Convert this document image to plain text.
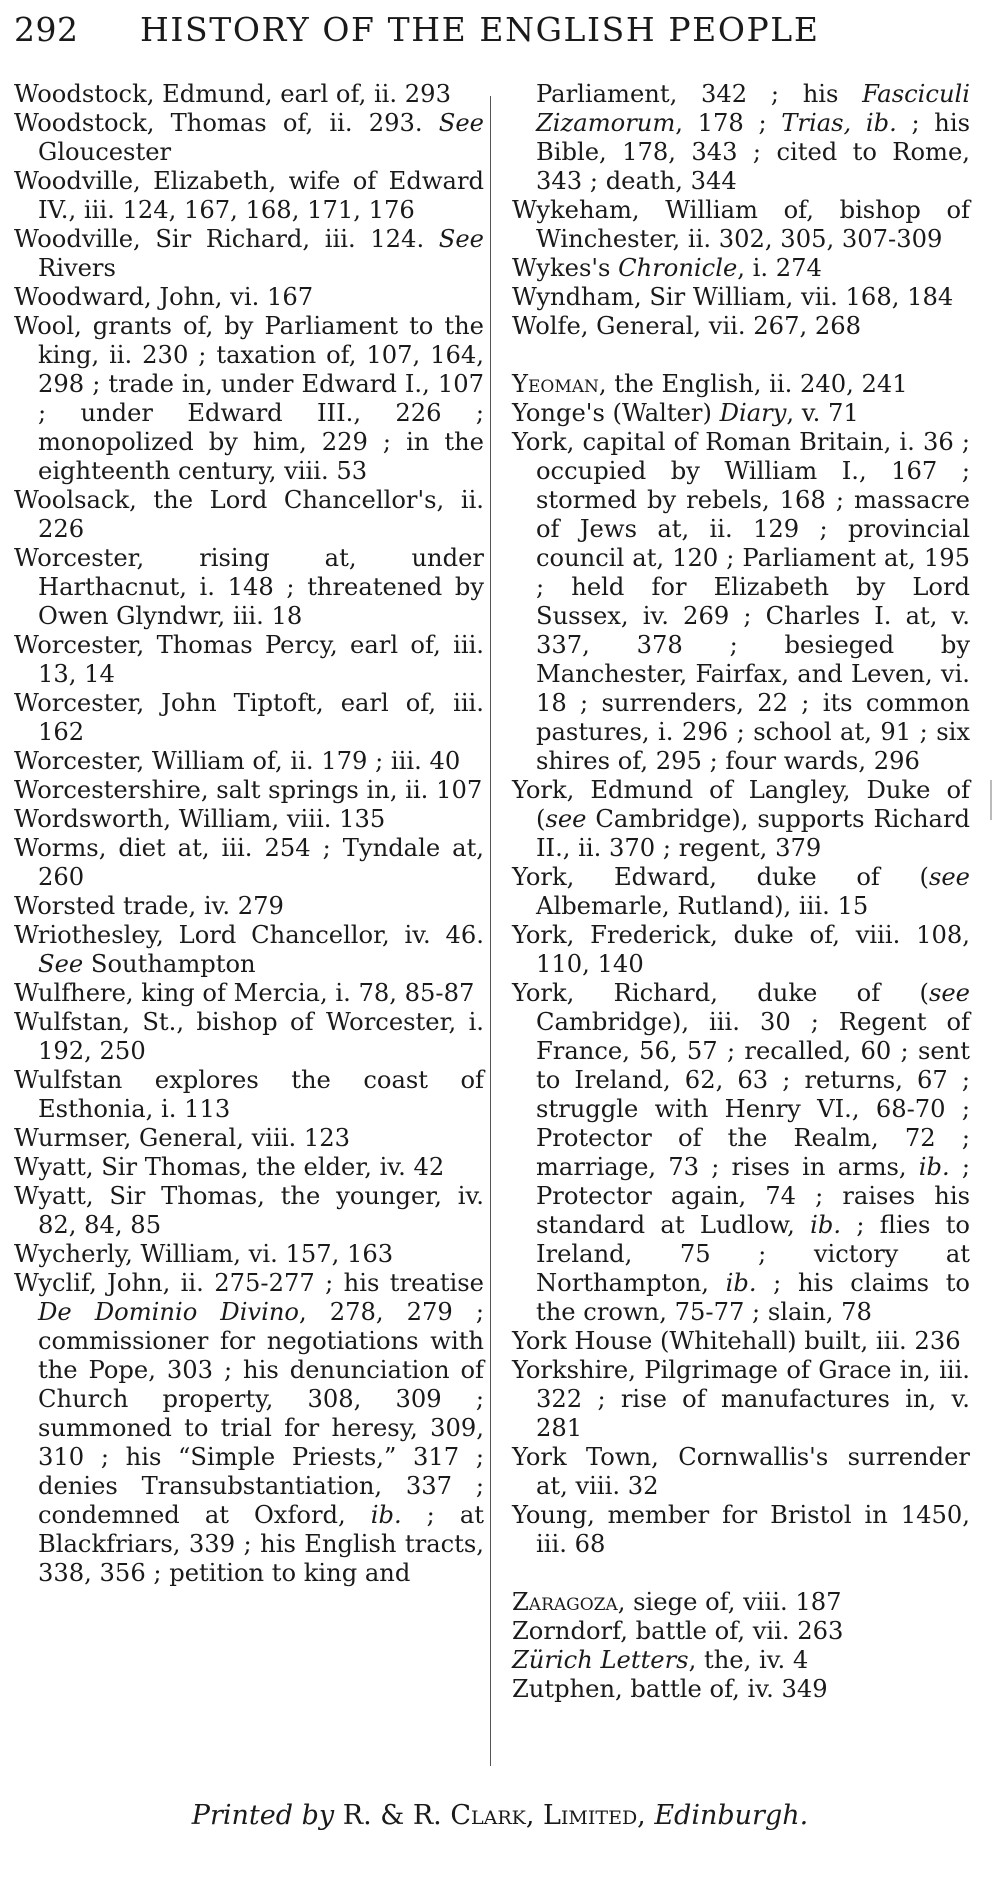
292 HISTORY OF THE ENGLISH PEOPLE

Woodstock, Edmund, earl of, ii. 293

Woodstock, Thomas of, ii. 293. See Gloucester

Woodville, Elizabeth, wife of Edward IV., iii. 124, 167, 168, 171, 176

Woodville, Sir Richard, iii. 124. See Rivers

Woodward, John, vi. 167

Wool, grants of, by Parliament to the king, ii. 230 ; taxation of, 107, 164, 298 ; trade in, under Edward I., 107 ; under Edward III., 226 ; monopolized by him, 229 ; in the eighteenth century, viii. 53

Woolsack, the Lord Chancellor's, ii. 226

Worcester, rising at, under Harthacnut, i. 148 ; threatened by Owen Glyndwr, iii. 18

Worcester, Thomas Percy, earl of, iii. 13, 14

Worcester, John Tiptoft, earl of, iii. 162

Worcester, William of, ii. 179 ; iii. 40

Worcestershire, salt springs in, ii. 107

Wordsworth, William, viii. 135

Worms, diet at, iii. 254 ; Tyndale at, 260

Worsted trade, iv. 279

Wriothesley, Lord Chancellor, iv. 46. See Southampton

Wulfhere, king of Mercia, i. 78, 85-87

Wulfstan, St., bishop of Worcester, i. 192, 250

Wulfstan explores the coast of Esthonia, i. 113

Wurmser, General, viii. 123

Wyatt, Sir Thomas, the elder, iv. 42

Wyatt, Sir Thomas, the younger, iv. 82, 84, 85

Wycherly, William, vi. 157, 163

Wyclif, John, ii. 275-277 ; his treatise De Dominio Divino, 278, 279 ; commissioner for negotiations with the Pope, 303 ; his denunciation of Church property, 308, 309 ; summoned to trial for heresy, 309, 310 ; his “Simple Priests,” 317 ; denies Transubstantiation, 337 ; condemned at Oxford, ib. ; at Blackfriars, 339 ; his English tracts, 338, 356 ; petition to king and

Parliament, 342 ; his Fasciculi Zizamorum, 178 ; Trias, ib. ; his Bible, 178, 343 ; cited to Rome, 343 ; death, 344

Wykeham, William of, bishop of Winchester, ii. 302, 305, 307-309

Wykes's Chronicle, i. 274

Wyndham, Sir William, vii. 168, 184

Wolfe, General, vii. 267, 268

Yeoman, the English, ii. 240, 241

Yonge's (Walter) Diary, v. 71

York, capital of Roman Britain, i. 36 ; occupied by William I., 167 ; stormed by rebels, 168 ; massacre of Jews at, ii. 129 ; provincial council at, 120 ; Parliament at, 195 ; held for Elizabeth by Lord Sussex, iv. 269 ; Charles I. at, v. 337, 378 ; besieged by Manchester, Fairfax, and Leven, vi. 18 ; surrenders, 22 ; its common pastures, i. 296 ; school at, 91 ; six shires of, 295 ; four wards, 296

York, Edmund of Langley, Duke of (see Cambridge), supports Richard II., ii. 370 ; regent, 379

York, Edward, duke of (see Albemarle, Rutland), iii. 15

York, Frederick, duke of, viii. 108, 110, 140

York, Richard, duke of (see Cambridge), iii. 30 ; Regent of France, 56, 57 ; recalled, 60 ; sent to Ireland, 62, 63 ; returns, 67 ; struggle with Henry VI., 68-70 ; Protector of the Realm, 72 ; marriage, 73 ; rises in arms, ib. ; Protector again, 74 ; raises his standard at Ludlow, ib. ; flies to Ireland, 75 ; victory at Northampton, ib. ; his claims to the crown, 75-77 ; slain, 78

York House (Whitehall) built, iii. 236

Yorkshire, Pilgrimage of Grace in, iii. 322 ; rise of manufactures in, v. 281

York Town, Cornwallis's surrender at, viii. 32

Young, member for Bristol in 1450, iii. 68

Zaragoza, siege of, viii. 187

Zorndorf, battle of, vii. 263

Zürich Letters, the, iv. 4

Zutphen, battle of, iv. 349

Printed by R. & R. Clark, Limited, Edinburgh.
